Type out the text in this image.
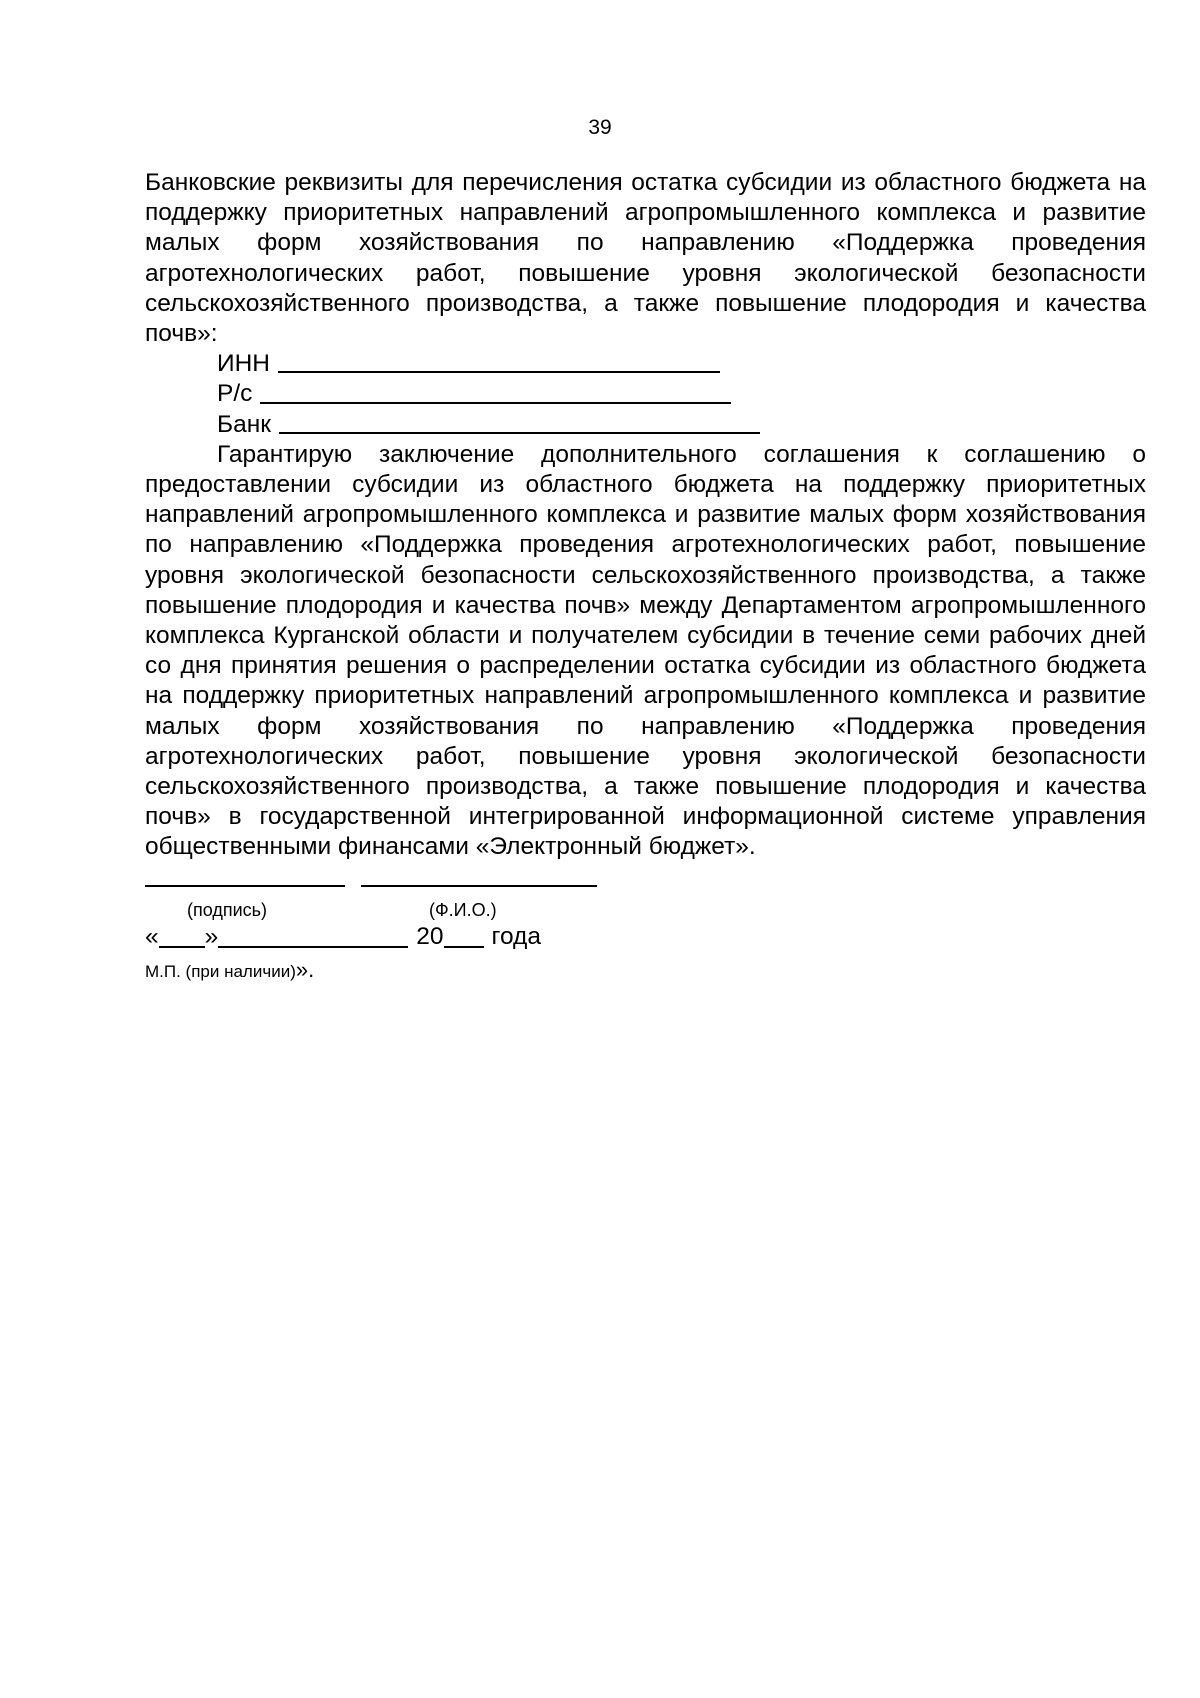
39

Банковские реквизиты для перечисления остатка субсидии из областного бюджета на поддержку приоритетных направлений агропромышленного комплекса и развитие малых форм хозяйствования по направлению «Поддержка проведения агротехнологических работ, повышение уровня экологической безопасности сельскохозяйственного производства, а также повышение плодородия и качества почв»:

ИНН
Р/с
Банк

Гарантирую заключение дополнительного соглашения к соглашению о предоставлении субсидии из областного бюджета на поддержку приоритетных направлений агропромышленного комплекса и развитие малых форм хозяйствования по направлению «Поддержка проведения агротехнологических работ, повышение уровня экологической безопасности сельскохозяйственного производства, а также повышение плодородия и качества почв» между Департаментом агропромышленного комплекса Курганской области и получателем субсидии в течение семи рабочих дней со дня принятия решения о распределении остатка субсидии из областного бюджета на поддержку приоритетных направлений агропромышленного комплекса и развитие малых форм хозяйствования по направлению «Поддержка проведения агротехнологических работ, повышение уровня экологической безопасности сельскохозяйственного производства, а также повышение плодородия и качества почв» в государственной интегрированной информационной системе управления общественными финансами «Электронный бюджет».

(подпись)	(Ф.И.О.)
« »	20 года
М.П. (при наличии)».
